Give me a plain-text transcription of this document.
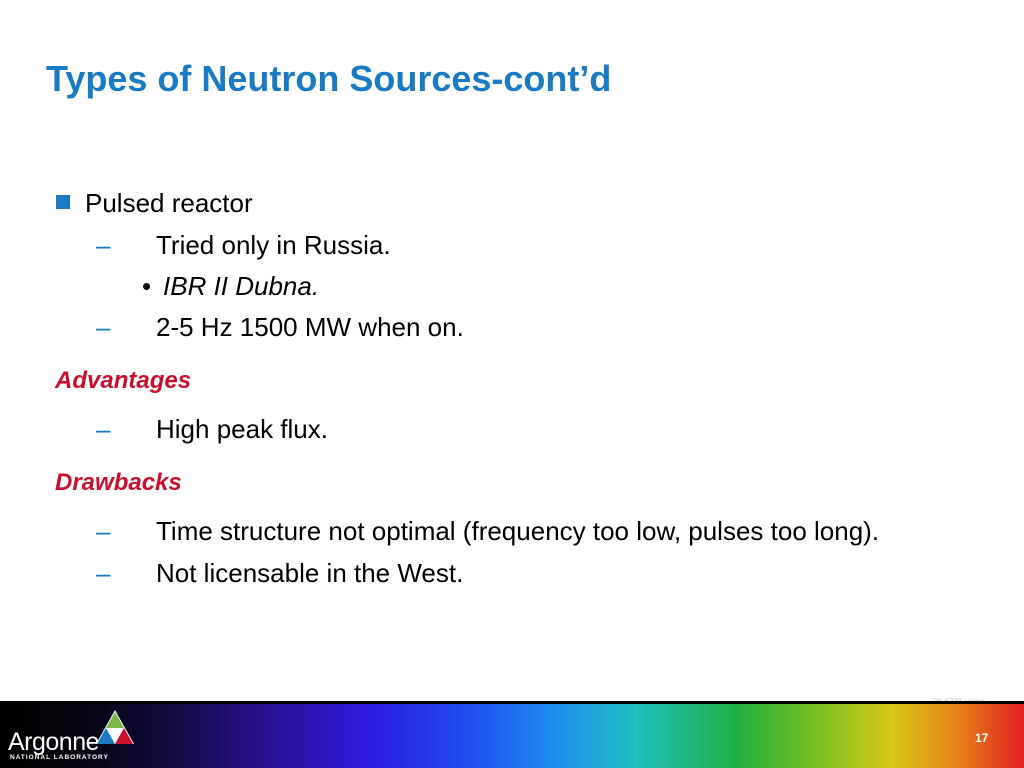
Types of Neutron Sources-cont’d
Pulsed reactor
– Tried only in Russia.
• IBR II Dubna.
– 2-5 Hz 1500 MW when on.
Advantages
– High peak flux.
Drawbacks
– Time structure not optimal (frequency too low, pulses too long).
– Not licensable in the West.
Argonne
NATIONAL LABORATORY
17
